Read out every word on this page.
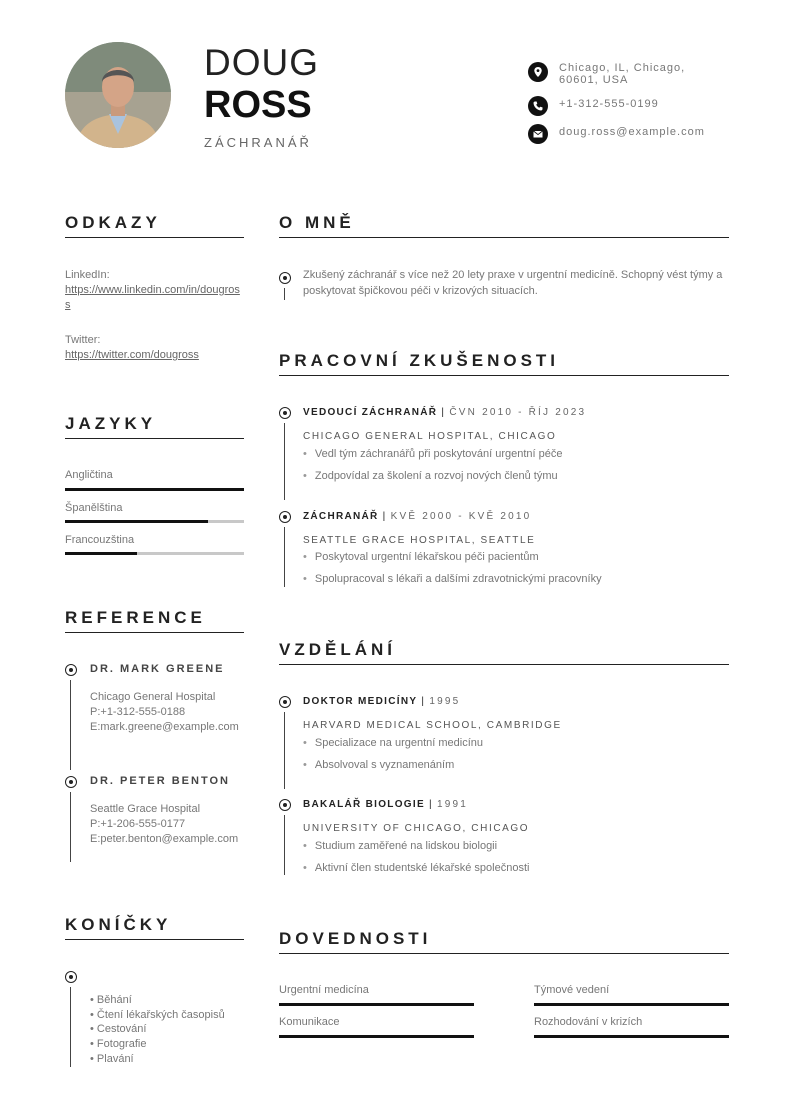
DOUG
ROSS
ZÁCHRANÁŘ
Chicago, IL, Chicago, 60601, USA
+1-312-555-0199
doug.ross@example.com
ODKAZY
LinkedIn:
https://www.linkedin.com/in/dougross
Twitter:
https://twitter.com/dougross
JAZYKY
Angličtina
Španělština
Francouzština
REFERENCE
DR. MARK GREENE
Chicago General Hospital
P:+1-312-555-0188
E:mark.greene@example.com
DR. PETER BENTON
Seattle Grace Hospital
P:+1-206-555-0177
E:peter.benton@example.com
KONÍČKY
• Běhání
• Čtení lékařských časopisů
• Cestování
• Fotografie
• Plavání
O MNĚ
Zkušený záchranář s více než 20 lety praxe v urgentní medicíně. Schopný vést týmy a poskytovat špičkovou péči v krizových situacích.
PRACOVNÍ ZKUŠENOSTI
VEDOUCÍ ZÁCHRANÁŘ | ČVN 2010 - ŘÍJ 2023
CHICAGO GENERAL HOSPITAL, CHICAGO
• Vedl tým záchranářů při poskytování urgentní péče
• Zodpovídal za školení a rozvoj nových členů týmu
ZÁCHRANÁŘ | KVĚ 2000 - KVĚ 2010
SEATTLE GRACE HOSPITAL, SEATTLE
• Poskytoval urgentní lékařskou péči pacientům
• Spolupracoval s lékaři a dalšími zdravotnickými pracovníky
VZDĚLÁNÍ
DOKTOR MEDICÍNY | 1995
HARVARD MEDICAL SCHOOL, CAMBRIDGE
• Specializace na urgentní medicínu
• Absolvoval s vyznamenáním
BAKALÁŘ BIOLOGIE | 1991
UNIVERSITY OF CHICAGO, CHICAGO
• Studium zaměřené na lidskou biologii
• Aktivní člen studentské lékařské společnosti
DOVEDNOSTI
Urgentní medicína	Týmové vedení
Komunikace	Rozhodování v krizích
